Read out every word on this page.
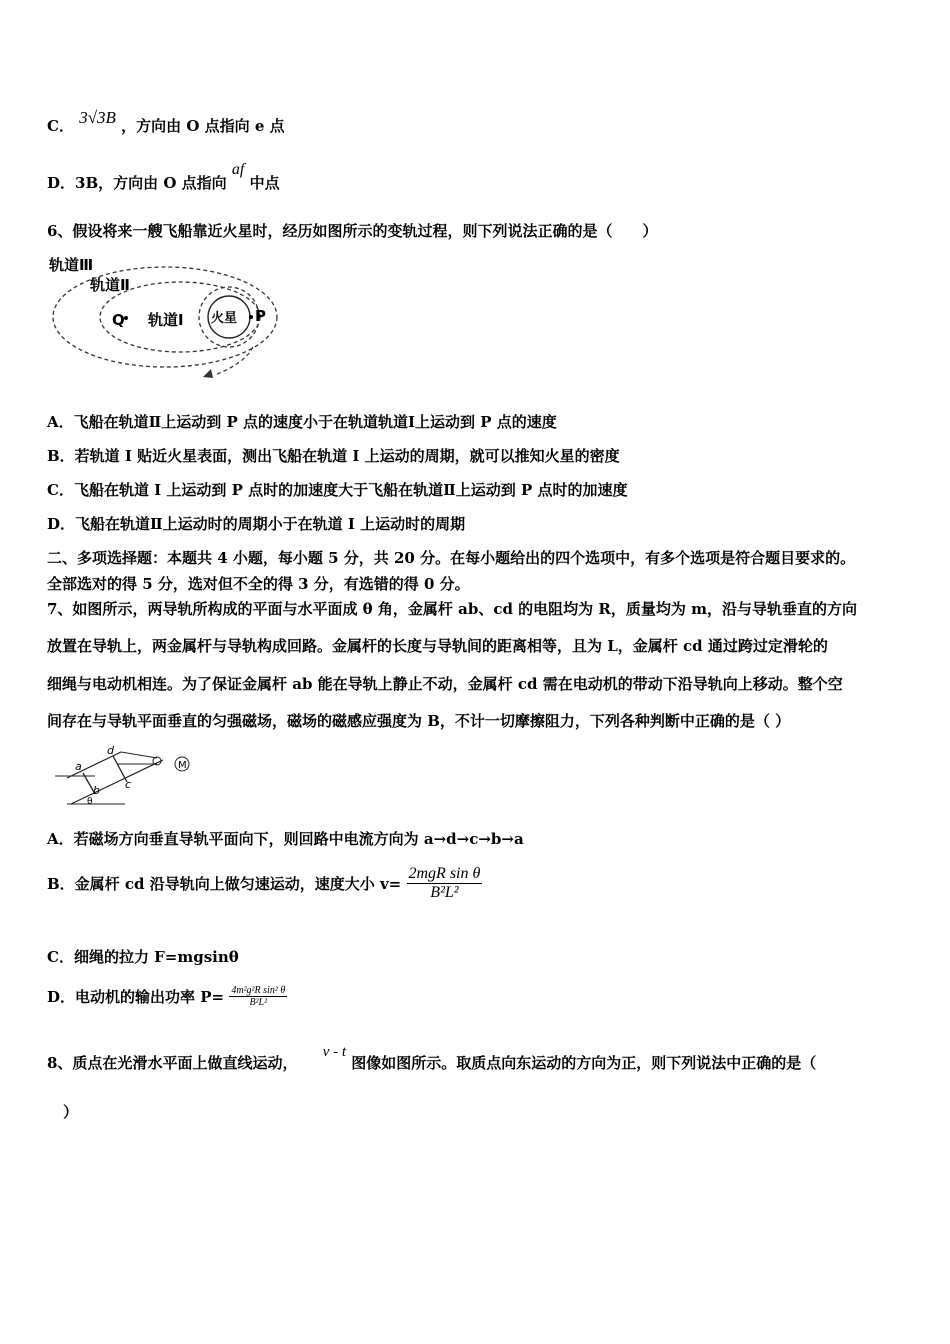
C． 3√3B ，方向由 O 点指向 e 点
D．3B，方向由 O 点指向 af 中点
6、假设将来一艘飞船靠近火星时，经历如图所示的变轨过程，则下列说法正确的是（　　）
轨道Ⅲ
轨道Ⅱ
轨道Ⅰ 火星
Q	P
A．飞船在轨道Ⅱ上运动到 P 点的速度小于在轨道轨道Ⅰ上运动到 P 点的速度
B．若轨道 I 贴近火星表面，测出飞船在轨道 I 上运动的周期，就可以推知火星的密度
C．飞船在轨道 I 上运动到 P 点时的加速度大于飞船在轨道Ⅱ上运动到 P 点时的加速度
D．飞船在轨道Ⅱ上运动时的周期小于在轨道 I 上运动时的周期
二、多项选择题：本题共 4 小题，每小题 5 分，共 20 分。在每小题给出的四个选项中，有多个选项是符合题目要求的。
全部选对的得 5 分，选对但不全的得 3 分，有选错的得 0 分。
7、如图所示，两导轨所构成的平面与水平面成 θ 角，金属杆 ab、cd 的电阻均为 R，质量均为 m，沿与导轨垂直的方向
放置在导轨上，两金属杆与导轨构成回路。金属杆的长度与导轨间的距离相等，且为 L，金属杆 cd 通过跨过定滑轮的
细绳与电动机相连。为了保证金属杆 ab 能在导轨上静止不动，金属杆 cd 需在电动机的带动下沿导轨向上移动。整个空
间存在与导轨平面垂直的匀强磁场，磁场的磁感应强度为 B，不计一切摩擦阻力，下列各种判断中正确的是（ ）
M
a
b c
d
θ
A．若磁场方向垂直导轨平面向下，则回路中电流方向为 a→d→c→b→a
B．金属杆 cd 沿导轨向上做匀速运动，速度大小 $v= \frac{\text{2mgR sin θ}}{\text{B²L²}}$
C．细绳的拉力 F=mgsinθ
D．电动机的输出功率 $P= \frac{\text{4m²g²R sin² θ}}{\text{B²L²}}$
8、质点在光滑水平面上做直线运动， v - t 图像如图所示。取质点向东运动的方向为正，则下列说法中正确的是（
）
